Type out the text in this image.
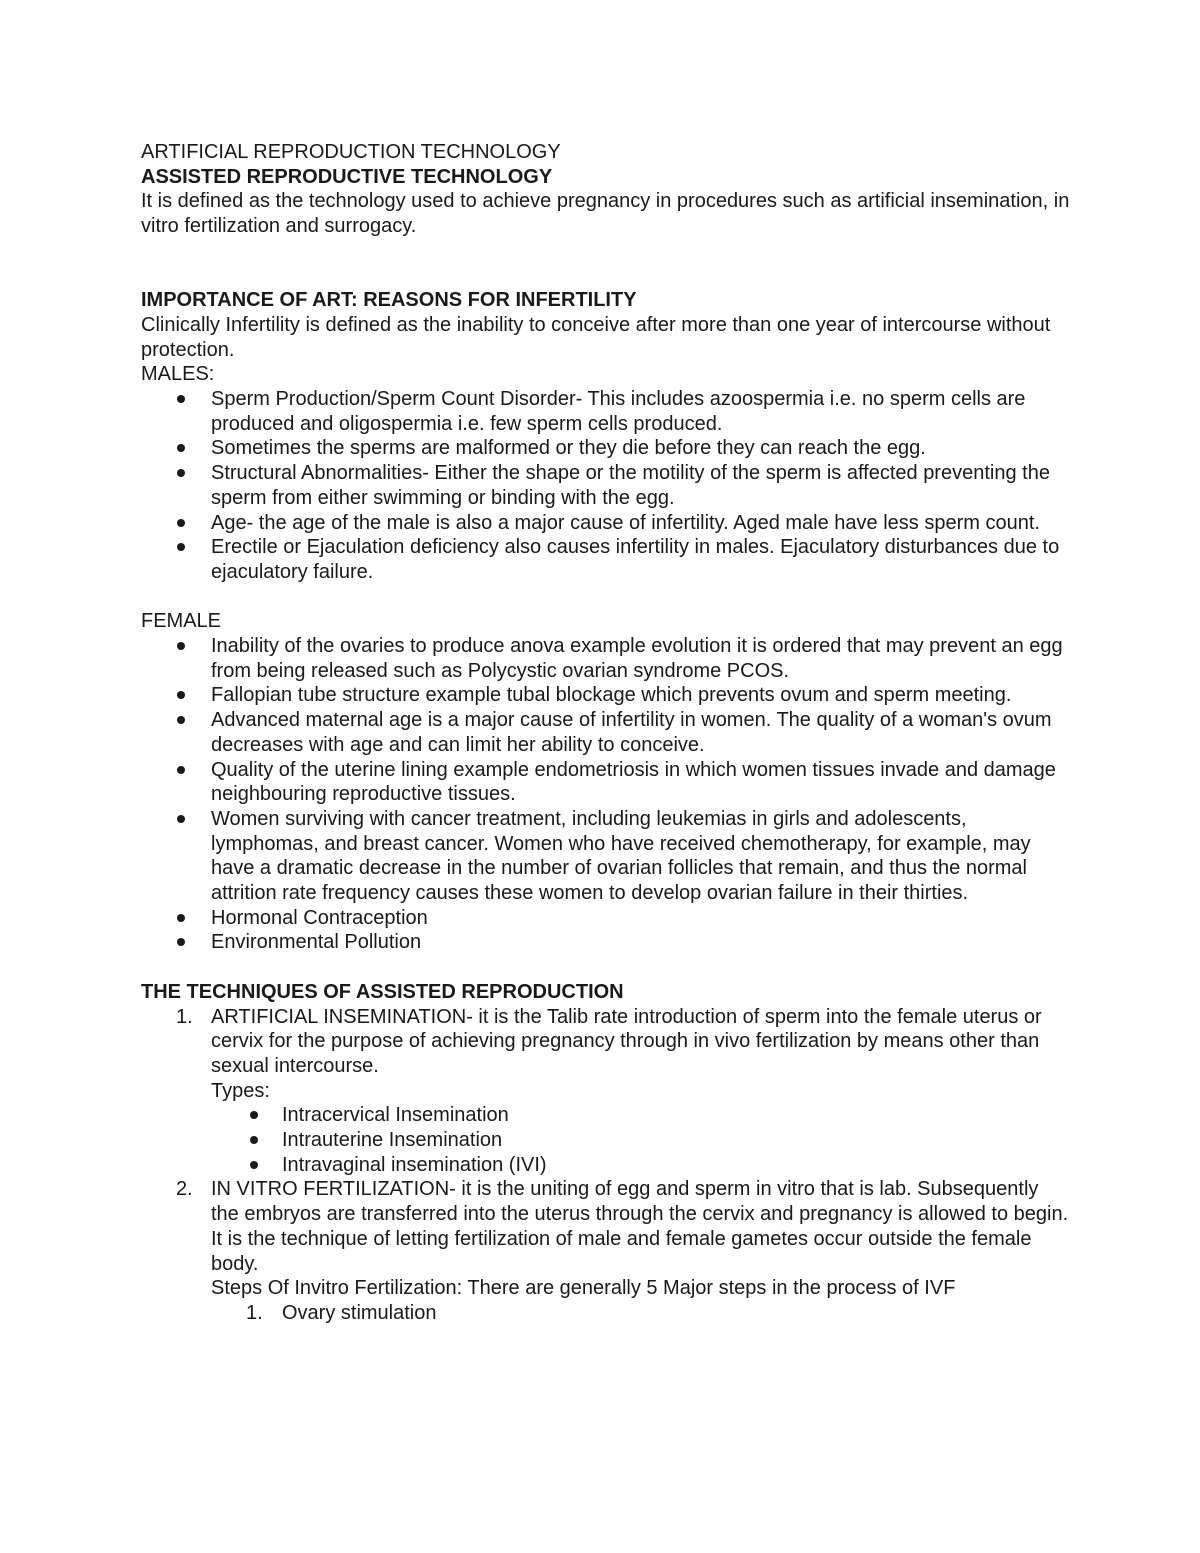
ARTIFICIAL REPRODUCTION TECHNOLOGY

ASSISTED REPRODUCTIVE TECHNOLOGY

It is defined as the technology used to achieve pregnancy in procedures such as artificial insemination, in vitro fertilization and surrogacy.

IMPORTANCE OF ART: REASONS FOR INFERTILITY

Clinically Infertility is defined as the inability to conceive after more than one year of intercourse without protection.

MALES:

Sperm Production/Sperm Count Disorder- This includes azoospermia i.e. no sperm cells are produced and oligospermia i.e. few sperm cells produced.
Sometimes the sperms are malformed or they die before they can reach the egg.
Structural Abnormalities- Either the shape or the motility of the sperm is affected preventing the sperm from either swimming or binding with the egg.
Age- the age of the male is also a major cause of infertility. Aged male have less sperm count.
Erectile or Ejaculation deficiency also causes infertility in males. Ejaculatory disturbances due to ejaculatory failure.

FEMALE

Inability of the ovaries to produce anova example evolution it is ordered that may prevent an egg from being released such as Polycystic ovarian syndrome PCOS.
Fallopian tube structure example tubal blockage which prevents ovum and sperm meeting.
Advanced maternal age is a major cause of infertility in women. The quality of a woman's ovum decreases with age and can limit her ability to conceive.
Quality of the uterine lining example endometriosis in which women tissues invade and damage neighbouring reproductive tissues.
Women surviving with cancer treatment, including leukemias in girls and adolescents, lymphomas, and breast cancer. Women who have received chemotherapy, for example, may have a dramatic decrease in the number of ovarian follicles that remain, and thus the normal attrition rate frequency causes these women to develop ovarian failure in their thirties.
Hormonal Contraception
Environmental Pollution

THE TECHNIQUES OF ASSISTED REPRODUCTION

1. ARTIFICIAL INSEMINATION- it is the Talib rate introduction of sperm into the female uterus or cervix for the purpose of achieving pregnancy through in vivo fertilization by means other than sexual intercourse.

Types:

Intracervical Insemination
Intrauterine Insemination
Intravaginal insemination (IVI)
2. IN VITRO FERTILIZATION- it is the uniting of egg and sperm in vitro that is lab. Subsequently the embryos are transferred into the uterus through the cervix and pregnancy is allowed to begin. It is the technique of letting fertilization of male and female gametes occur outside the female body.

Steps Of Invitro Fertilization: There are generally 5 Major steps in the process of IVF

1. Ovary stimulation
